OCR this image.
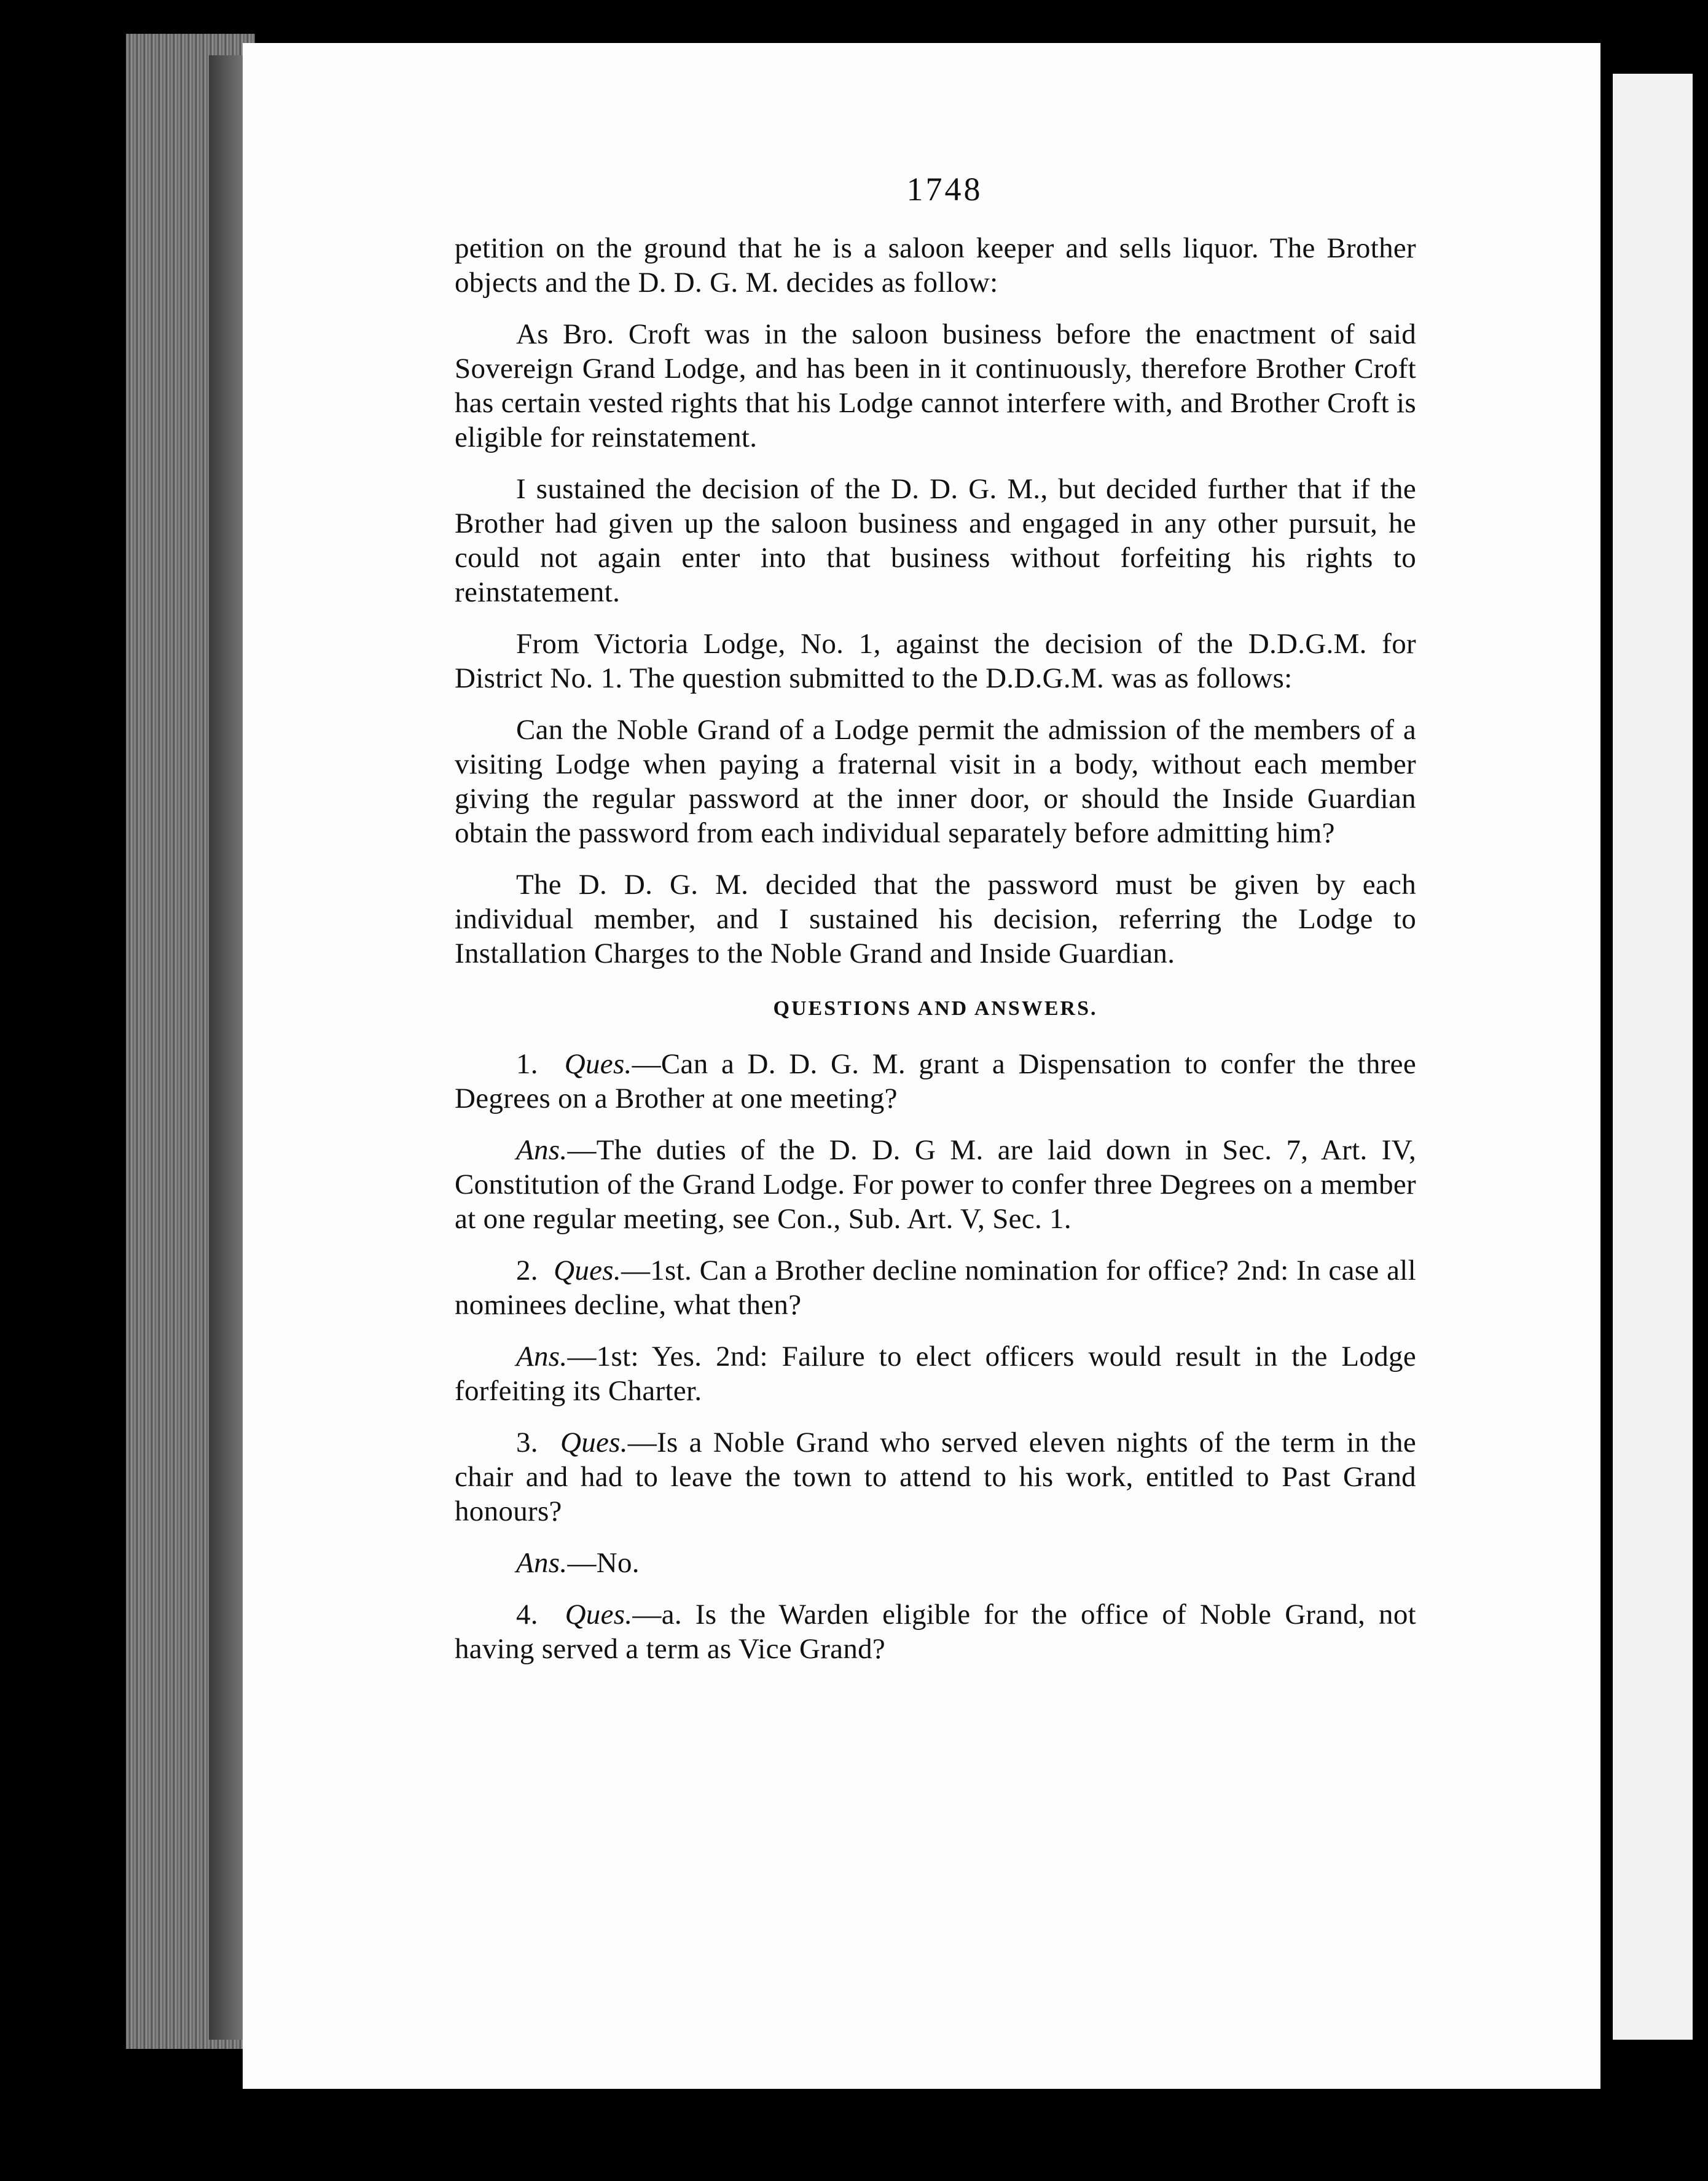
1748

petition on the ground that he is a saloon keeper and sells liquor. The Brother objects and the D. D. G. M. decides as follow:

As Bro. Croft was in the saloon business before the enactment of said Sovereign Grand Lodge, and has been in it continuously, therefore Brother Croft has certain vested rights that his Lodge cannot interfere with, and Brother Croft is eligible for reinstatement.

I sustained the decision of the D. D. G. M., but decided further that if the Brother had given up the saloon business and engaged in any other pursuit, he could not again enter into that business without forfeiting his rights to reinstatement.

From Victoria Lodge, No. 1, against the decision of the D.D.G.M. for District No. 1. The question submitted to the D.D.G.M. was as follows:

Can the Noble Grand of a Lodge permit the admission of the members of a visiting Lodge when paying a fraternal visit in a body, without each member giving the regular password at the inner door, or should the Inside Guardian obtain the password from each individual separately before admitting him?

The D. D. G. M. decided that the password must be given by each individual member, and I sustained his decision, referring the Lodge to Installation Charges to the Noble Grand and Inside Guardian.

QUESTIONS AND ANSWERS.

1. Ques.—Can a D. D. G. M. grant a Dispensation to confer the three Degrees on a Brother at one meeting?

Ans.—The duties of the D. D. G M. are laid down in Sec. 7, Art. IV, Constitution of the Grand Lodge. For power to confer three Degrees on a member at one regular meeting, see Con., Sub. Art. V, Sec. 1.

2. Ques.—1st. Can a Brother decline nomination for office? 2nd: In case all nominees decline, what then?

Ans.—1st: Yes. 2nd: Failure to elect officers would result in the Lodge forfeiting its Charter.

3. Ques.—Is a Noble Grand who served eleven nights of the term in the chair and had to leave the town to attend to his work, entitled to Past Grand honours?

Ans.—No.

4. Ques.—a. Is the Warden eligible for the office of Noble Grand, not having served a term as Vice Grand?
